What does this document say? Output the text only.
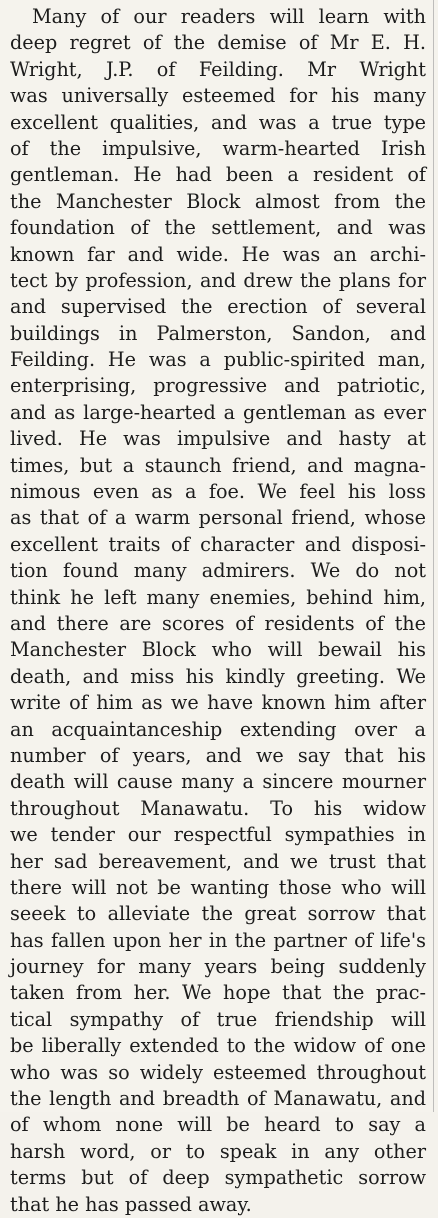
Many of our readers will learn with
deep regret of the demise of Mr E. H.
Wright, J.P. of Feilding. Mr Wright
was universally esteemed for his many
excellent qualities, and was a true type
of the impulsive, warm-hearted Irish
gentleman. He had been a resident of
the Manchester Block almost from the
foundation of the settlement, and was
known far and wide. He was an archi-
tect by profession, and drew the plans for
and supervised the erection of several
buildings in Palmerston, Sandon, and
Feilding. He was a public-spirited man,
enterprising, progressive and patriotic,
and as large-hearted a gentleman as ever
lived. He was impulsive and hasty at
times, but a staunch friend, and magna-
nimous even as a foe. We feel his loss
as that of a warm personal friend, whose
excellent traits of character and disposi-
tion found many admirers. We do not
think he left many enemies, behind him,
and there are scores of residents of the
Manchester Block who will bewail his
death, and miss his kindly greeting. We
write of him as we have known him after
an acquaintanceship extending over a
number of years, and we say that his
death will cause many a sincere mourner
throughout Manawatu. To his widow
we tender our respectful sympathies in
her sad bereavement, and we trust that
there will not be wanting those who will
seeek to alleviate the great sorrow that
has fallen upon her in the partner of life's
journey for many years being suddenly
taken from her. We hope that the prac-
tical sympathy of true friendship will
be liberally extended to the widow of one
who was so widely esteemed throughout
the length and breadth of Manawatu, and
of whom none will be heard to say a
harsh word, or to speak in any other
terms but of deep sympathetic sorrow
that he has passed away.
